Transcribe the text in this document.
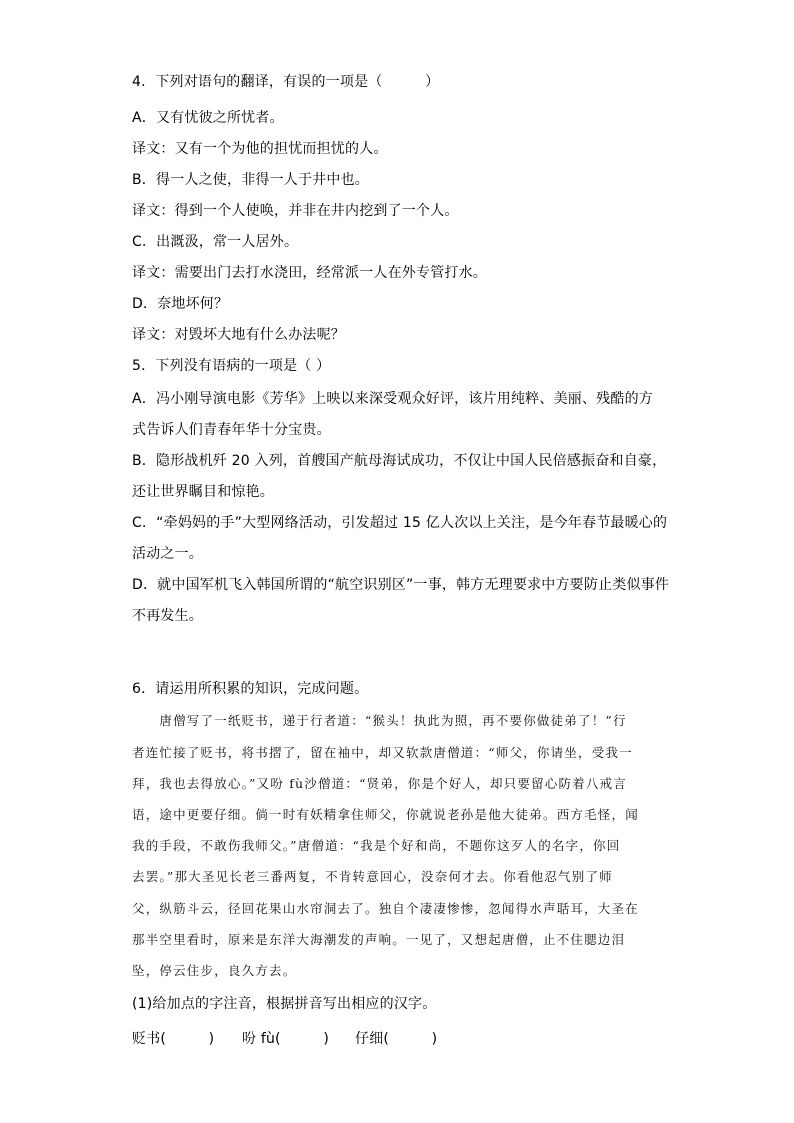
4．下列对语句的翻译，有误的一项是（　　　）
A．又有忧彼之所忧者。
译文：又有一个为他的担忧而担忧的人。
B．得一人之使，非得一人于井中也。
译文：得到一个人使唤，并非在井内挖到了一个人。
C．出溉汲，常一人居外。
译文：需要出门去打水浇田，经常派一人在外专管打水。
D．奈地坏何？
译文：对毁坏大地有什么办法呢？
5．下列没有语病的一项是（ ）
A．冯小刚导演电影《芳华》上映以来深受观众好评，该片用纯粹、美丽、残酷的方
式告诉人们青春年华十分宝贵。
B．隐形战机歼 20 入列，首艘国产航母海试成功，不仅让中国人民倍感振奋和自豪，
还让世界瞩目和惊艳。
C．“牵妈妈的手”大型网络活动，引发超过 15 亿人次以上关注，是今年春节最暖心的
活动之一。
D．就中国军机飞入韩国所谓的“航空识别区”一事，韩方无理要求中方要防止类似事件
不再发生。
6．请运用所积累的知识，完成问题。
　　唐僧写了一纸贬书，递于行者道：“猴头！执此为照，再不要你做徒弟了！”行
者连忙接了贬书，将书摺了，留在袖中，却又软款唐僧道：“师父，你请坐，受我一
拜，我也去得放心。”又吩 fù沙僧道：“贤弟，你是个好人，却只要留心防着八戒言
语，途中更要仔细。倘一时有妖精拿住师父，你就说老孙是他大徒弟。西方毛怪，闻
我的手段，不敢伤我师父。”唐僧道：“我是个好和尚，不题你这歹人的名字，你回
去罢。”那大圣见长老三番两复，不肯转意回心，没奈何才去。你看他忍气别了师
父，纵筋斗云，径回花果山水帘洞去了。独自个凄凄惨惨，忽闻得水声聒耳，大圣在
那半空里看时，原来是东洋大海潮发的声响。一见了，又想起唐僧，止不住腮边泪
坠，停云住步，良久方去。
(1)给加点的字注音，根据拼音写出相应的汉字。
贬书(　　　) 吩 fù(　　　) 仔细(　　　)
